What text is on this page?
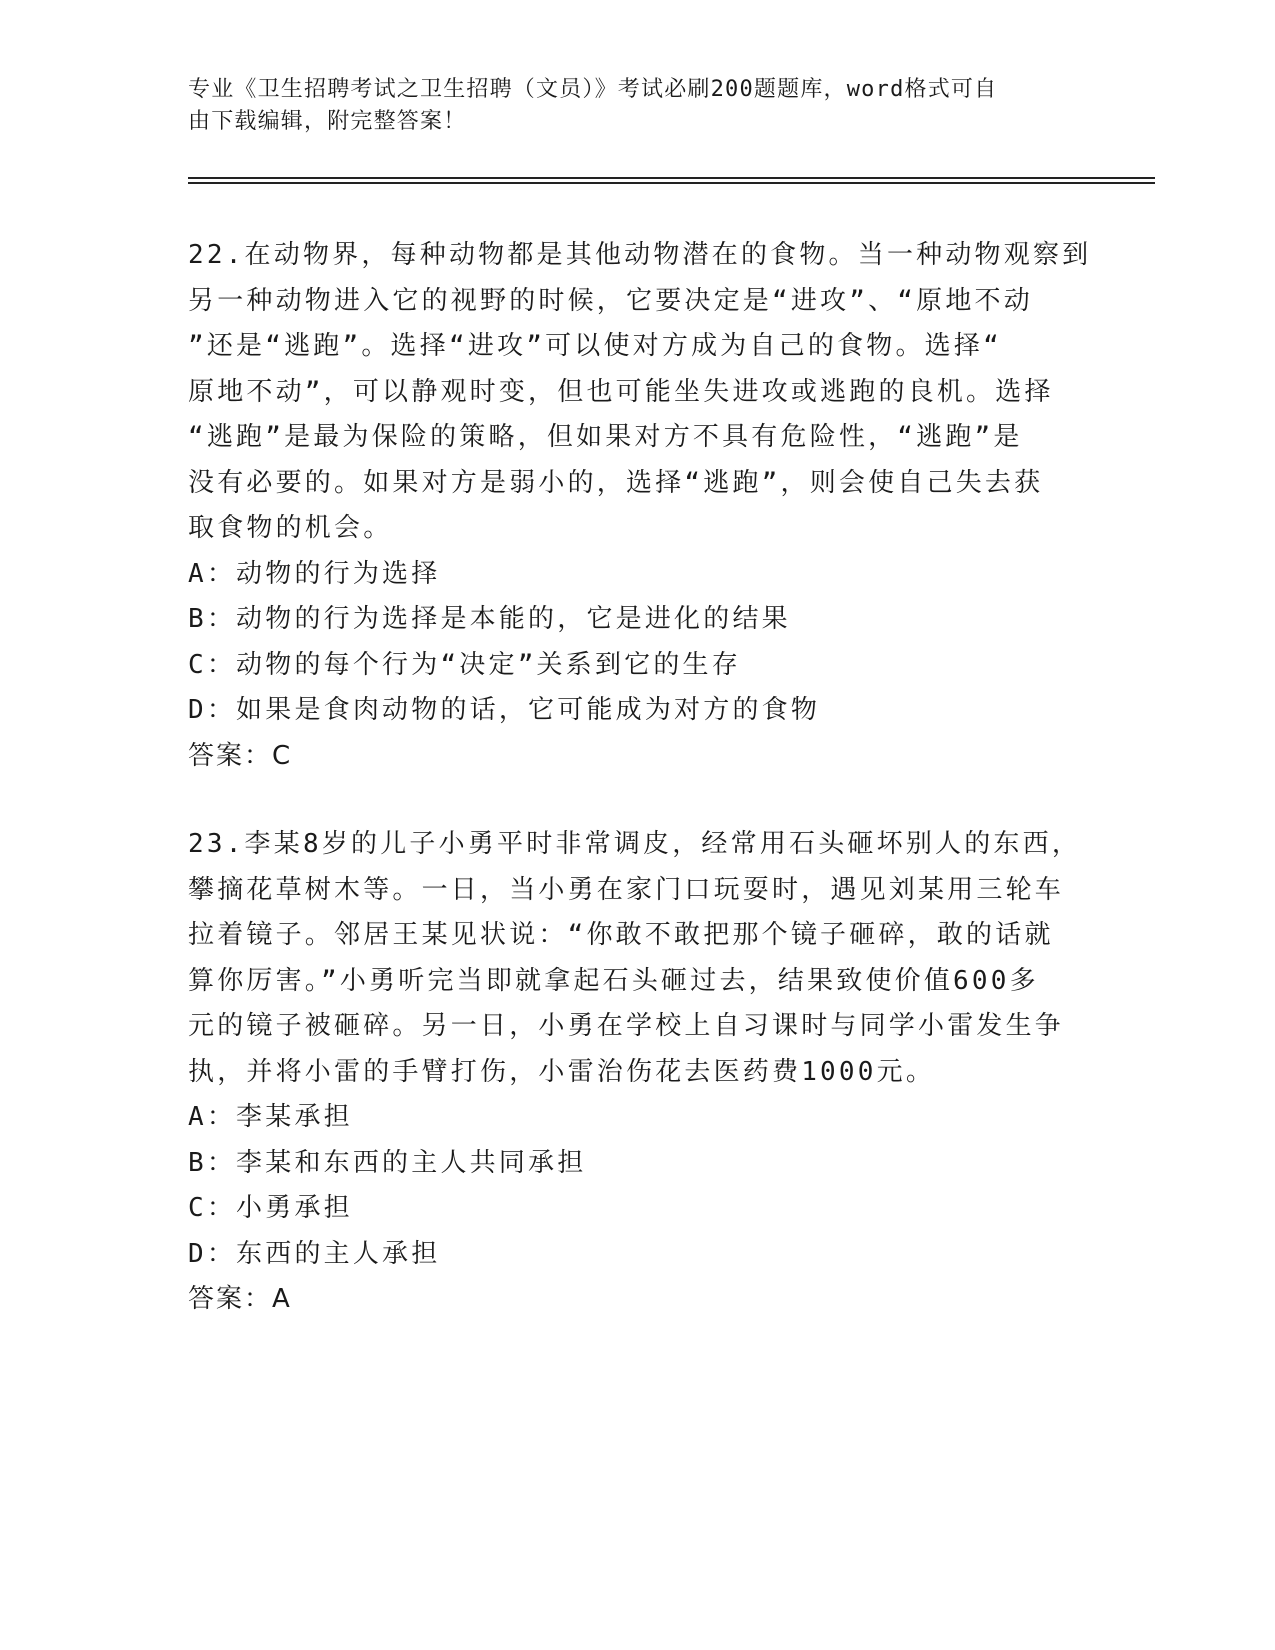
专业《卫生招聘考试之卫生招聘（文员）》考试必刷200题题库，word格式可自
由下载编辑，附完整答案！
22.在动物界，每种动物都是其他动物潜在的食物。当一种动物观察到
另一种动物进入它的视野的时候，它要决定是“进攻”、“原地不动
”还是“逃跑”。选择“进攻”可以使对方成为自己的食物。选择“
原地不动”，可以静观时变，但也可能坐失进攻或逃跑的良机。选择
“逃跑”是最为保险的策略，但如果对方不具有危险性，“逃跑”是
没有必要的。如果对方是弱小的，选择“逃跑”，则会使自己失去获
取食物的机会。
A：动物的行为选择
B：动物的行为选择是本能的，它是进化的结果
C：动物的每个行为“决定”关系到它的生存
D：如果是食肉动物的话，它可能成为对方的食物
答案：C
23.李某8岁的儿子小勇平时非常调皮，经常用石头砸坏别人的东西，
攀摘花草树木等。一日，当小勇在家门口玩耍时，遇见刘某用三轮车
拉着镜子。邻居王某见状说：“你敢不敢把那个镜子砸碎，敢的话就
算你厉害。”小勇听完当即就拿起石头砸过去，结果致使价值600多
元的镜子被砸碎。另一日，小勇在学校上自习课时与同学小雷发生争
执，并将小雷的手臂打伤，小雷治伤花去医药费1000元。
A：李某承担
B：李某和东西的主人共同承担
C：小勇承担
D：东西的主人承担
答案：A
